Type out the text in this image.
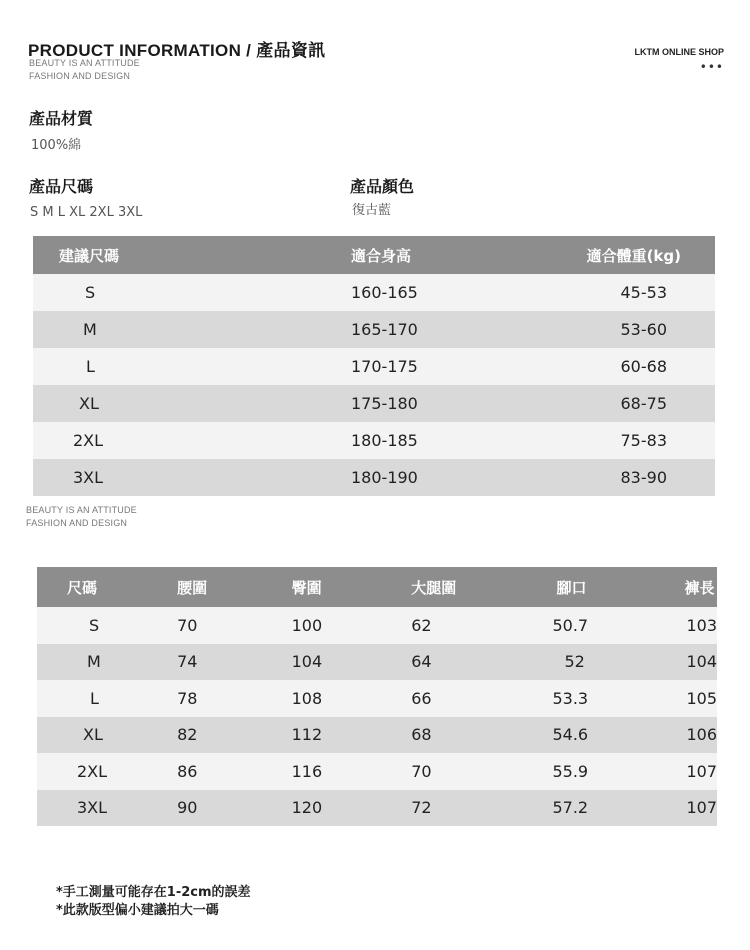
PRODUCT INFORMATION / 產品資訊
BEAUTY IS AN ATTITUDE
FASHION AND DESIGN
LKTM ONLINE SHOP
•••
產品材質
100%綿
產品尺碼
S M L XL 2XL 3XL
產品顏色
復古藍
建議尺碼	適合身高	適合體重(kg)
S	160-165	45-53
M	165-170	53-60
L	170-175	60-68
XL	175-180	68-75
2XL	180-185	75-83
3XL	180-190	83-90
BEAUTY IS AN ATTITUDE
FASHION AND DESIGN
尺碼	腰圍	臀圍	大腿圍	腳口	褲長
S	70	100	62	50.7	103
M	74	104	64	52	104
L	78	108	66	53.3	105
XL	82	112	68	54.6	106
2XL	86	116	70	55.9	107
3XL	90	120	72	57.2	107
*手工測量可能存在1-2cm的誤差
*此款版型偏小建議拍大一碼
